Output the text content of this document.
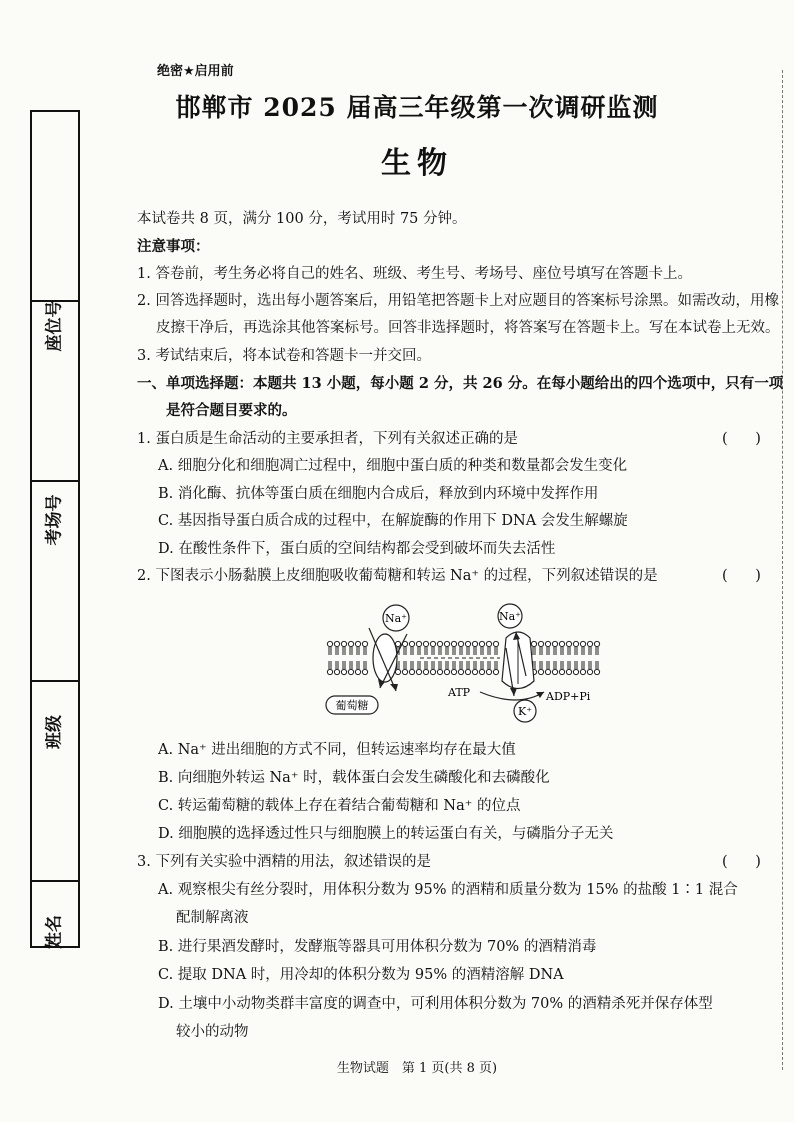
座位号
考场号
班级
姓名
绝密★启用前
邯郸市 2025 届高三年级第一次调研监测
生物
本试卷共 8 页，满分 100 分，考试用时 75 分钟。
注意事项：
1. 答卷前，考生务必将自己的姓名、班级、考生号、考场号、座位号填写在答题卡上。
2. 回答选择题时，选出每小题答案后，用铅笔把答题卡上对应题目的答案标号涂黑。如需改动，用橡
皮擦干净后，再选涂其他答案标号。回答非选择题时，将答案写在答题卡上。写在本试卷上无效。
3. 考试结束后，将本试卷和答题卡一并交回。
一、单项选择题：本题共 13 小题，每小题 2 分，共 26 分。在每小题给出的四个选项中，只有一项
是符合题目要求的。
1. 蛋白质是生命活动的主要承担者，下列有关叙述正确的是	(      )
A. 细胞分化和细胞凋亡过程中，细胞中蛋白质的种类和数量都会发生变化
B. 消化酶、抗体等蛋白质在细胞内合成后，释放到内环境中发挥作用
C. 基因指导蛋白质合成的过程中，在解旋酶的作用下 DNA 会发生解螺旋
D. 在酸性条件下，蛋白质的空间结构都会受到破坏而失去活性
2. 下图表示小肠黏膜上皮细胞吸收葡萄糖和转运 Na⁺ 的过程，下列叙述错误的是	(      )
Na⁺
葡萄糖
Na⁺
K⁺
ATP	ADP+Pi
A. Na⁺ 进出细胞的方式不同，但转运速率均存在最大值
B. 向细胞外转运 Na⁺ 时，载体蛋白会发生磷酸化和去磷酸化
C. 转运葡萄糖的载体上存在着结合葡萄糖和 Na⁺ 的位点
D. 细胞膜的选择透过性只与细胞膜上的转运蛋白有关，与磷脂分子无关
3. 下列有关实验中酒精的用法，叙述错误的是	(      )
A. 观察根尖有丝分裂时，用体积分数为 95% 的酒精和质量分数为 15% 的盐酸 1∶1 混合
配制解离液
B. 进行果酒发酵时，发酵瓶等器具可用体积分数为 70% 的酒精消毒
C. 提取 DNA 时，用冷却的体积分数为 95% 的酒精溶解 DNA
D. 土壤中小动物类群丰富度的调查中，可利用体积分数为 70% 的酒精杀死并保存体型
较小的动物
生物试题　第 1 页(共 8 页)
